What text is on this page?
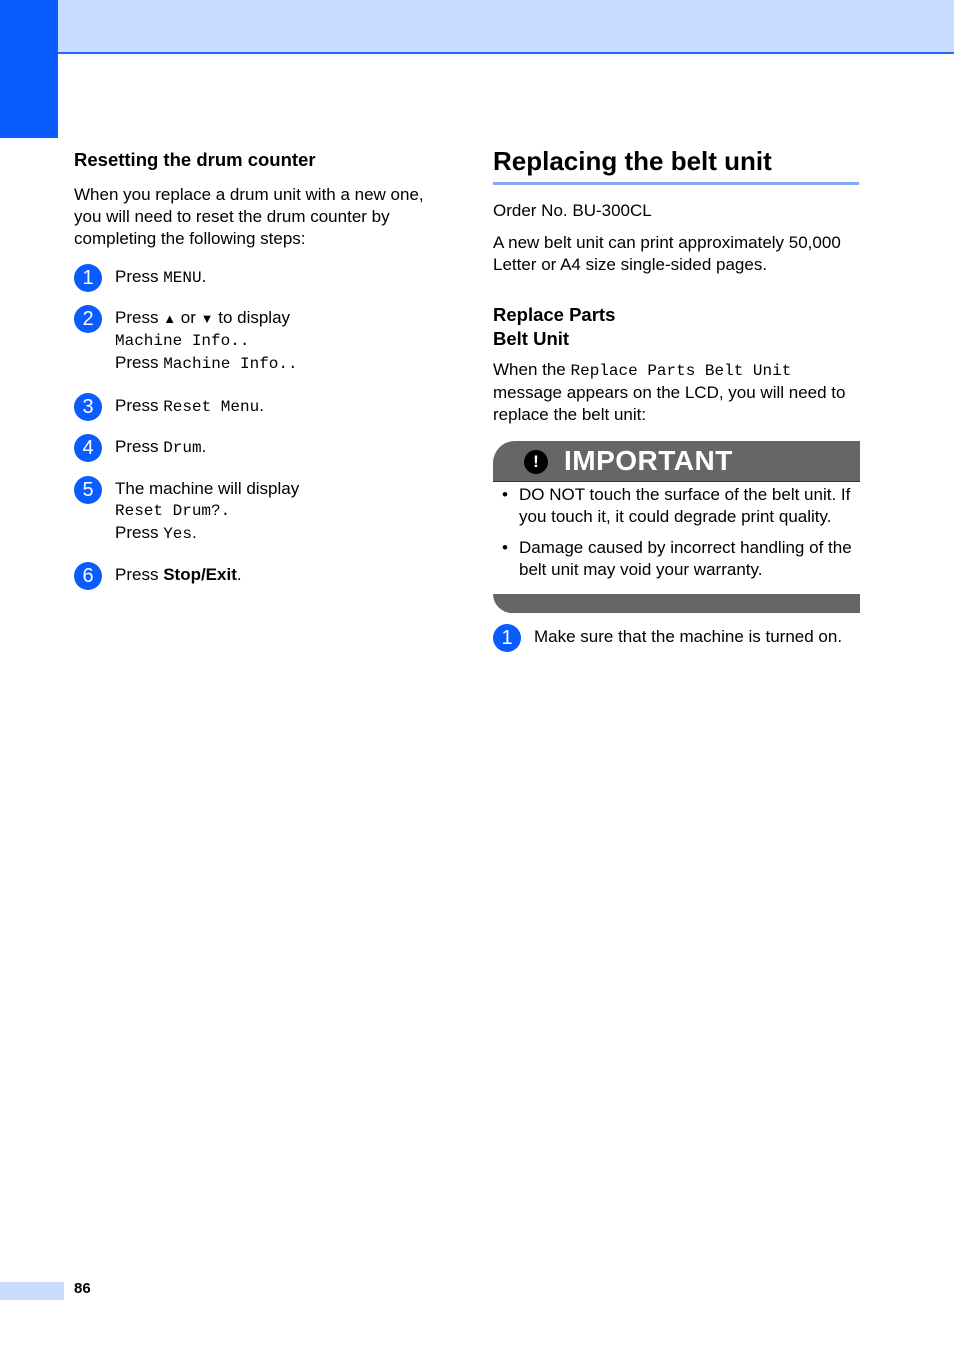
Resetting the drum counter

When you replace a drum unit with a new one, you will need to reset the drum counter by completing the following steps:

1	Press MENU.
2	Press ▲ or ▼ to display
Machine Info..
Press Machine Info..
3	Press Reset Menu.
4	Press Drum.
5	The machine will display
Reset Drum?.
Press Yes.
6	Press Stop/Exit.
Replacing the belt unit

Order No. BU-300CL

A new belt unit can print approximately 50,000 Letter or A4 size single-sided pages.

Replace Parts
Belt Unit

When the Replace Parts Belt Unit message appears on the LCD, you will need to replace the belt unit:

! IMPORTANT
• DO NOT touch the surface of the belt unit. If you touch it, it could degrade print quality.
• Damage caused by incorrect handling of the belt unit may void your warranty.
1	Make sure that the machine is turned on.
86
